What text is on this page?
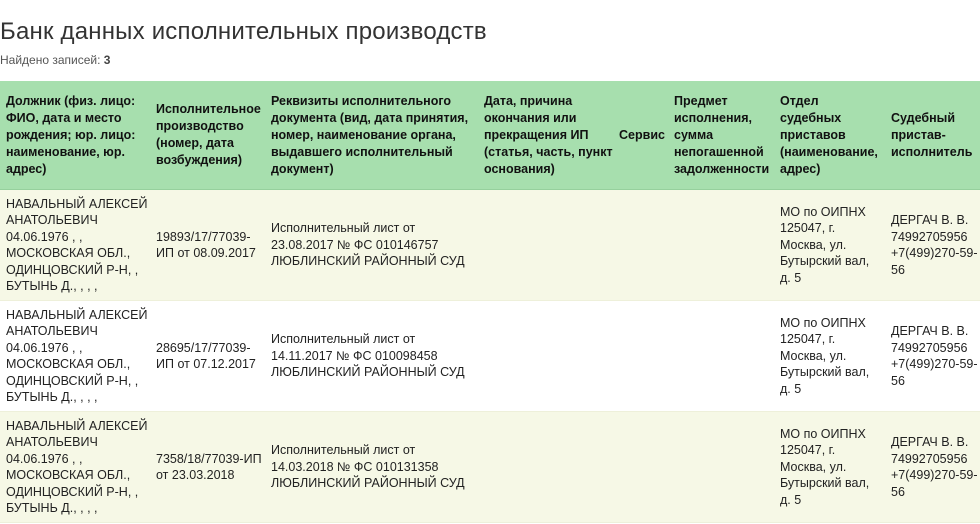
Банк данных исполнительных производств
Найдено записей: 3
Должник (физ. лицо: ФИО, дата и место рождения; юр. лицо: наименование, юр. адрес)	Исполнительное производство (номер, дата возбуждения)	Реквизиты исполнительного документа (вид, дата принятия, номер, наименование органа, выдавшего исполнительный документ)	Дата, причина окончания или прекращения ИП (статья, часть, пункт основания)	Сервис	Предмет исполнения, сумма непогашенной задолженности	Отдел судебных приставов (наименование, адрес)	Судебный пристав-исполнитель
НАВАЛЬНЫЙ АЛЕКСЕЙ АНАТОЛЬЕВИЧ 04.06.1976 , , МОСКОВСКАЯ ОБЛ., ОДИНЦОВСКИЙ Р-Н, , БУТЫНЬ Д., , , ,	19893/17/77039-ИП от 08.09.2017	Исполнительный лист от 23.08.2017 № ФС 010146757 ЛЮБЛИНСКИЙ РАЙОННЫЙ СУД				МО по ОИПНХ 125047, г. Москва, ул. Бутырский вал, д. 5	ДЕРГАЧ В. В. 74992705956 +7(499)270-59-56
НАВАЛЬНЫЙ АЛЕКСЕЙ АНАТОЛЬЕВИЧ 04.06.1976 , , МОСКОВСКАЯ ОБЛ., ОДИНЦОВСКИЙ Р-Н, , БУТЫНЬ Д., , , ,	28695/17/77039-ИП от 07.12.2017	Исполнительный лист от 14.11.2017 № ФС 010098458 ЛЮБЛИНСКИЙ РАЙОННЫЙ СУД				МО по ОИПНХ 125047, г. Москва, ул. Бутырский вал, д. 5	ДЕРГАЧ В. В. 74992705956 +7(499)270-59-56
НАВАЛЬНЫЙ АЛЕКСЕЙ АНАТОЛЬЕВИЧ 04.06.1976 , , МОСКОВСКАЯ ОБЛ., ОДИНЦОВСКИЙ Р-Н, , БУТЫНЬ Д., , , ,	7358/18/77039-ИП от 23.03.2018	Исполнительный лист от 14.03.2018 № ФС 010131358 ЛЮБЛИНСКИЙ РАЙОННЫЙ СУД				МО по ОИПНХ 125047, г. Москва, ул. Бутырский вал, д. 5	ДЕРГАЧ В. В. 74992705956 +7(499)270-59-56
